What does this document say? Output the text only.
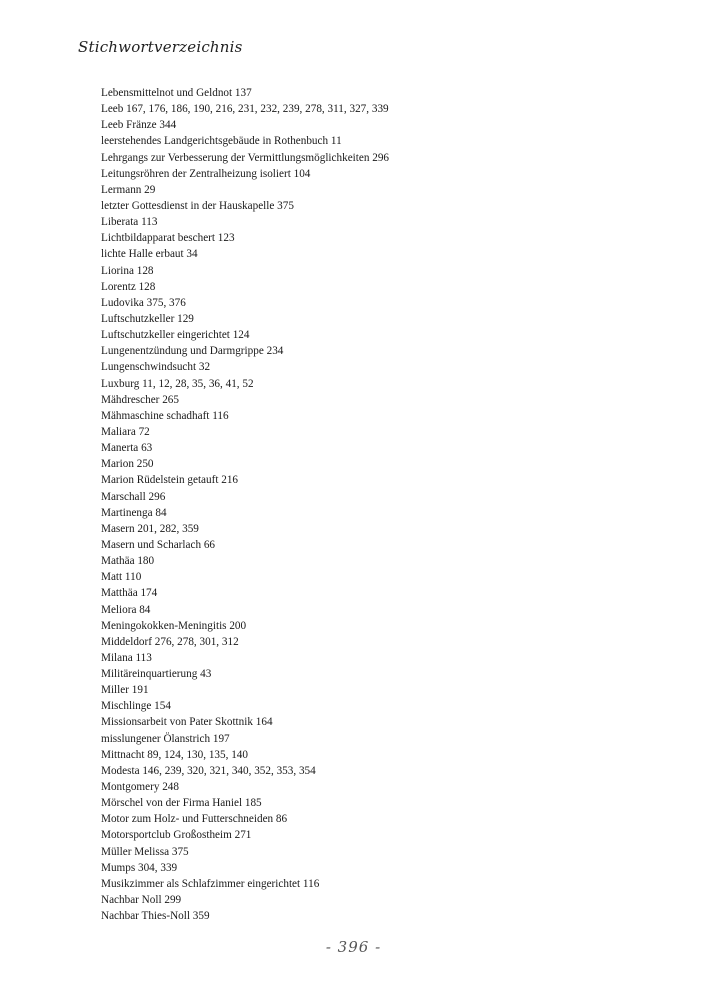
Stichwortverzeichnis
Lebensmittelnot und Geldnot 137
Leeb 167, 176, 186, 190, 216, 231, 232, 239, 278, 311, 327, 339
Leeb Fränze 344
leerstehendes Landgerichtsgebäude in Rothenbuch 11
Lehrgangs zur Verbesserung der Vermittlungsmöglichkeiten 296
Leitungsröhren der Zentralheizung isoliert 104
Lermann 29
letzter Gottesdienst in der Hauskapelle 375
Liberata 113
Lichtbildapparat beschert 123
lichte Halle erbaut 34
Liorina 128
Lorentz 128
Ludovika 375, 376
Luftschutzkeller 129
Luftschutzkeller eingerichtet 124
Lungenentzündung und Darmgrippe 234
Lungenschwindsucht 32
Luxburg 11, 12, 28, 35, 36, 41, 52
Mähdrescher 265
Mähmaschine schadhaft 116
Maliara 72
Manerta 63
Marion 250
Marion Rüdelstein getauft 216
Marschall 296
Martinenga 84
Masern 201, 282, 359
Masern und Scharlach 66
Mathäa 180
Matt 110
Matthäa 174
Meliora 84
Meningokokken-Meningitis 200
Middeldorf 276, 278, 301, 312
Milana 113
Militäreinquartierung 43
Miller 191
Mischlinge 154
Missionsarbeit von Pater Skottnik 164
misslungener Ölanstrich 197
Mittnacht 89, 124, 130, 135, 140
Modesta 146, 239, 320, 321, 340, 352, 353, 354
Montgomery 248
Mörschel von der Firma Haniel 185
Motor zum Holz- und Futterschneiden 86
Motorsportclub Großostheim 271
Müller Melissa 375
Mumps 304, 339
Musikzimmer als Schlafzimmer eingerichtet 116
Nachbar Noll 299
Nachbar Thies-Noll 359
- 396 -
